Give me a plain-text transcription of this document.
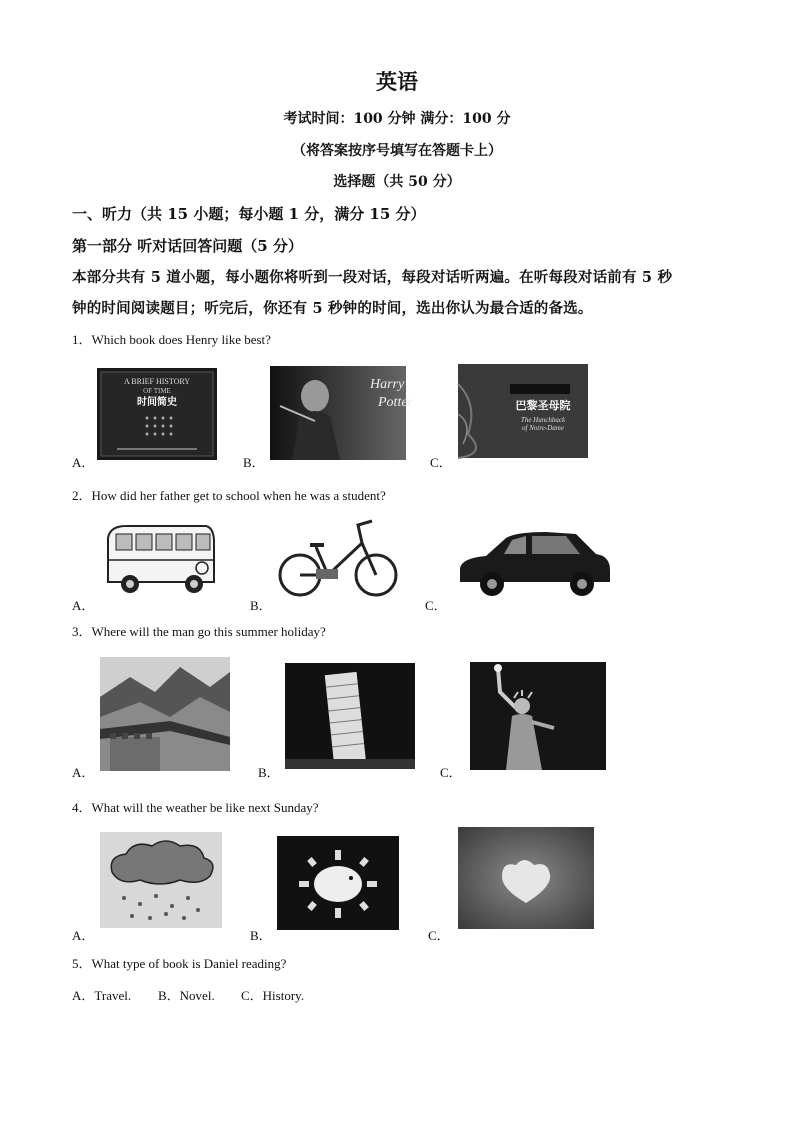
英语
考试时间：100 分钟 满分：100 分
（将答案按序号填写在答题卡上）
选择题（共 50 分）
一、听力（共 15 小题；每小题 1 分，满分 15 分）
第一部分 听对话回答问题（5 分）
本部分共有 5 道小题，每小题你将听到一段对话，每段对话听两遍。在听每段对话前有 5 秒
钟的时间阅读题目；听完后，你还有 5 秒钟的时间，选出你认为最合适的备选。
1．Which book does Henry like best?
A．	B．	C．
A BRIEF HISTORY
OF TIME
时间简史
Harry
Potter	巴黎圣母院
The Hunchback
of Notre-Dame
2．How did her father get to school when he was a student?
A．	B．	C．
3．Where will the man go this summer holiday?
A．	B．	C．
4．What will the weather be like next Sunday?
A．	B．	C．
5．What type of book is Daniel reading?
A．Travel. B．Novel. C．History.
